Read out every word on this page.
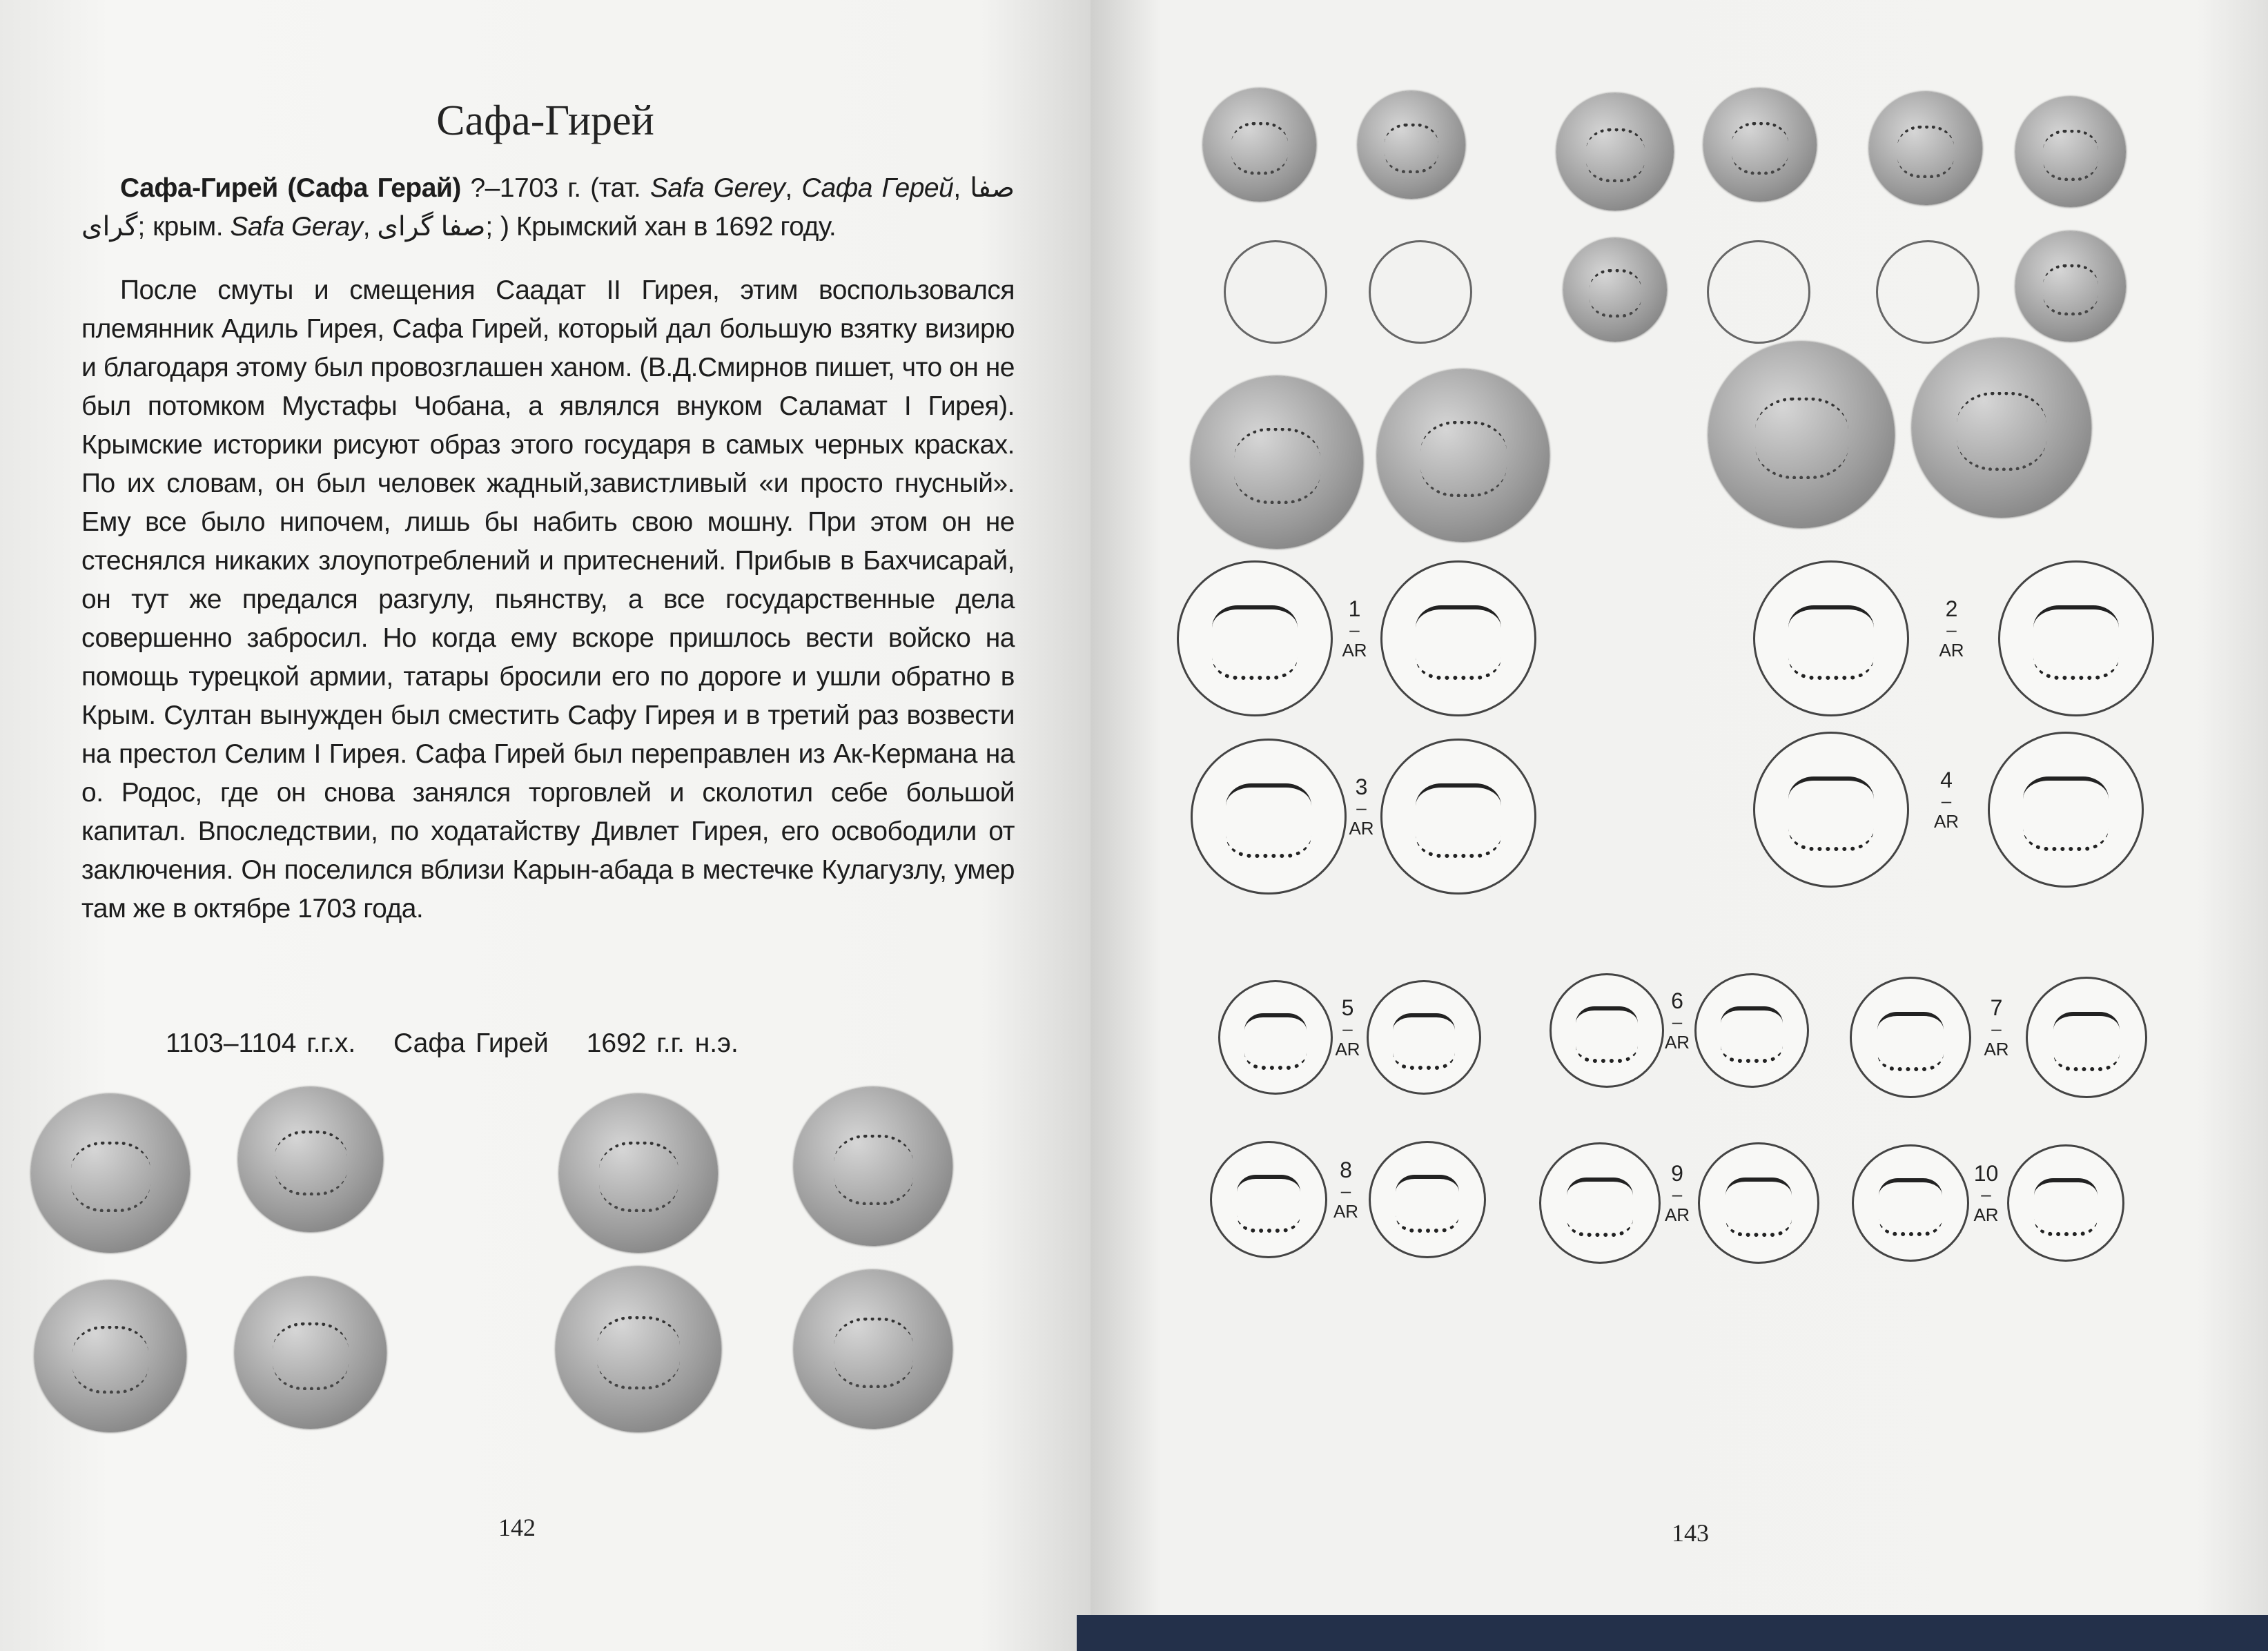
Сафа-Гирей

Сафа-Гирей (Сафа Герай) ?–1703 г. (тат. Safa Gerey, Сафа Герей, صفا گرای; крым. Safa Geray, صفا گرای; ) Крымский хан в 1692 году.

После смуты и смещения Саадат II Гирея, этим воспользовался племянник Адиль Гирея, Сафа Гирей, который дал большую взятку визирю и благодаря этому был провозглашен ханом. (В.Д.Смирнов пишет, что он не был потомком Мустафы Чобана, а являлся внуком Саламат I Гирея). Крымские историки рисуют образ этого государя в самых черных красках. По их словам, он был человек жадный,завистливый «и просто гнусный». Ему все было нипочем, лишь бы набить свою мошну. При этом он не стеснялся никаких злоупотреблений и притеснений. Прибыв в Бахчисарай, он тут же предался разгулу, пьянству, а все государственные дела совершенно забросил. Но когда ему вскоре пришлось вести войско на помощь турецкой армии, татары бросили его по дороге и ушли обратно в Крым. Султан вынужден был сместить Сафу Гирея и в третий раз возвести на престол Селим I Гирея. Сафа Гирей был переправлен из Ак-Кермана на о. Родос, где он снова занялся торговлей и сколотил себе большой капитал. Впоследствии, по ходатайству Дивлет Гирея, его освободили от заключения. Он поселился вблизи Карын-абада в местечке Кулагузлу, умер там же в октябре 1703 года.

1103–1104 г.г.х. Сафа Гирей 1692 г.г. н.э.
142	143
1
–
AR
2
–
AR
3
–
AR
4
–
AR
5
–
AR
6
–
AR
7
–
AR
8
–
AR
9
–
AR
10
–
AR
